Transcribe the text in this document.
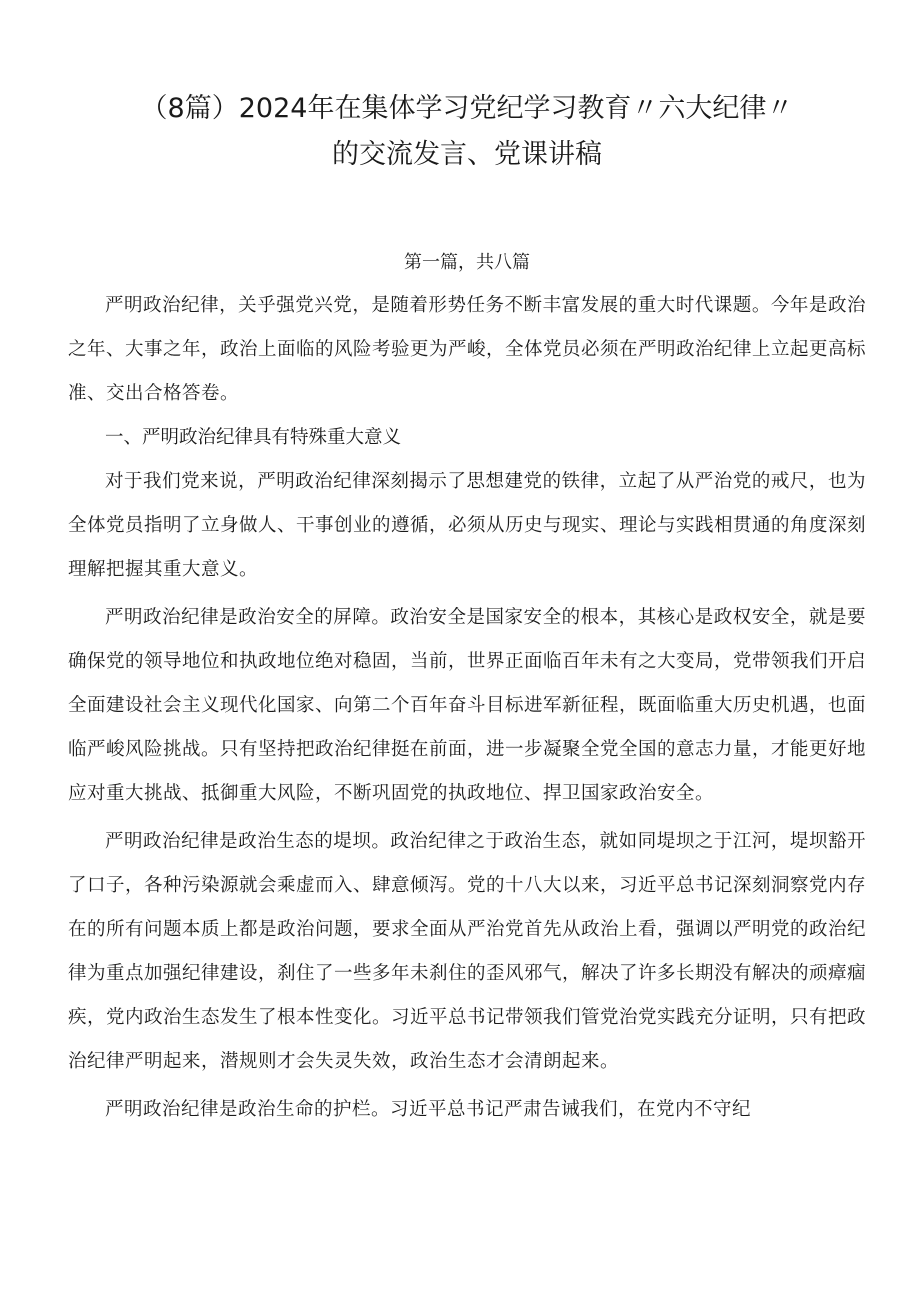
（8篇）2024年在集体学习党纪学习教育〃六大纪律〃
的交流发言、党课讲稿
第一篇，共八篇

严明政治纪律，关乎强党兴党，是随着形势任务不断丰富发展的重大时代课题。今年是政治之年、大事之年，政治上面临的风险考验更为严峻，全体党员必须在严明政治纪律上立起更高标准、交出合格答卷。

一、严明政治纪律具有特殊重大意义

对于我们党来说，严明政治纪律深刻揭示了思想建党的铁律，立起了从严治党的戒尺，也为全体党员指明了立身做人、干事创业的遵循，必须从历史与现实、理论与实践相贯通的角度深刻理解把握其重大意义。

严明政治纪律是政治安全的屏障。政治安全是国家安全的根本，其核心是政权安全，就是要确保党的领导地位和执政地位绝对稳固，当前，世界正面临百年未有之大变局，党带领我们开启全面建设社会主义现代化国家、向第二个百年奋斗目标进军新征程，既面临重大历史机遇，也面临严峻风险挑战。只有坚持把政治纪律挺在前面，进一步凝聚全党全国的意志力量，才能更好地应对重大挑战、抵御重大风险，不断巩固党的执政地位、捍卫国家政治安全。

严明政治纪律是政治生态的堤坝。政治纪律之于政治生态，就如同堤坝之于江河，堤坝豁开了口子，各种污染源就会乘虚而入、肆意倾泻。党的十八大以来，习近平总书记深刻洞察党内存在的所有问题本质上都是政治问题，要求全面从严治党首先从政治上看，强调以严明党的政治纪律为重点加强纪律建设，刹住了一些多年未刹住的歪风邪气，解决了许多长期没有解决的顽瘴痼疾，党内政治生态发生了根本性变化。习近平总书记带领我们管党治党实践充分证明，只有把政治纪律严明起来，潜规则才会失灵失效，政治生态才会清朗起来。

严明政治纪律是政治生命的护栏。习近平总书记严肃告诫我们，在党内不守纪
